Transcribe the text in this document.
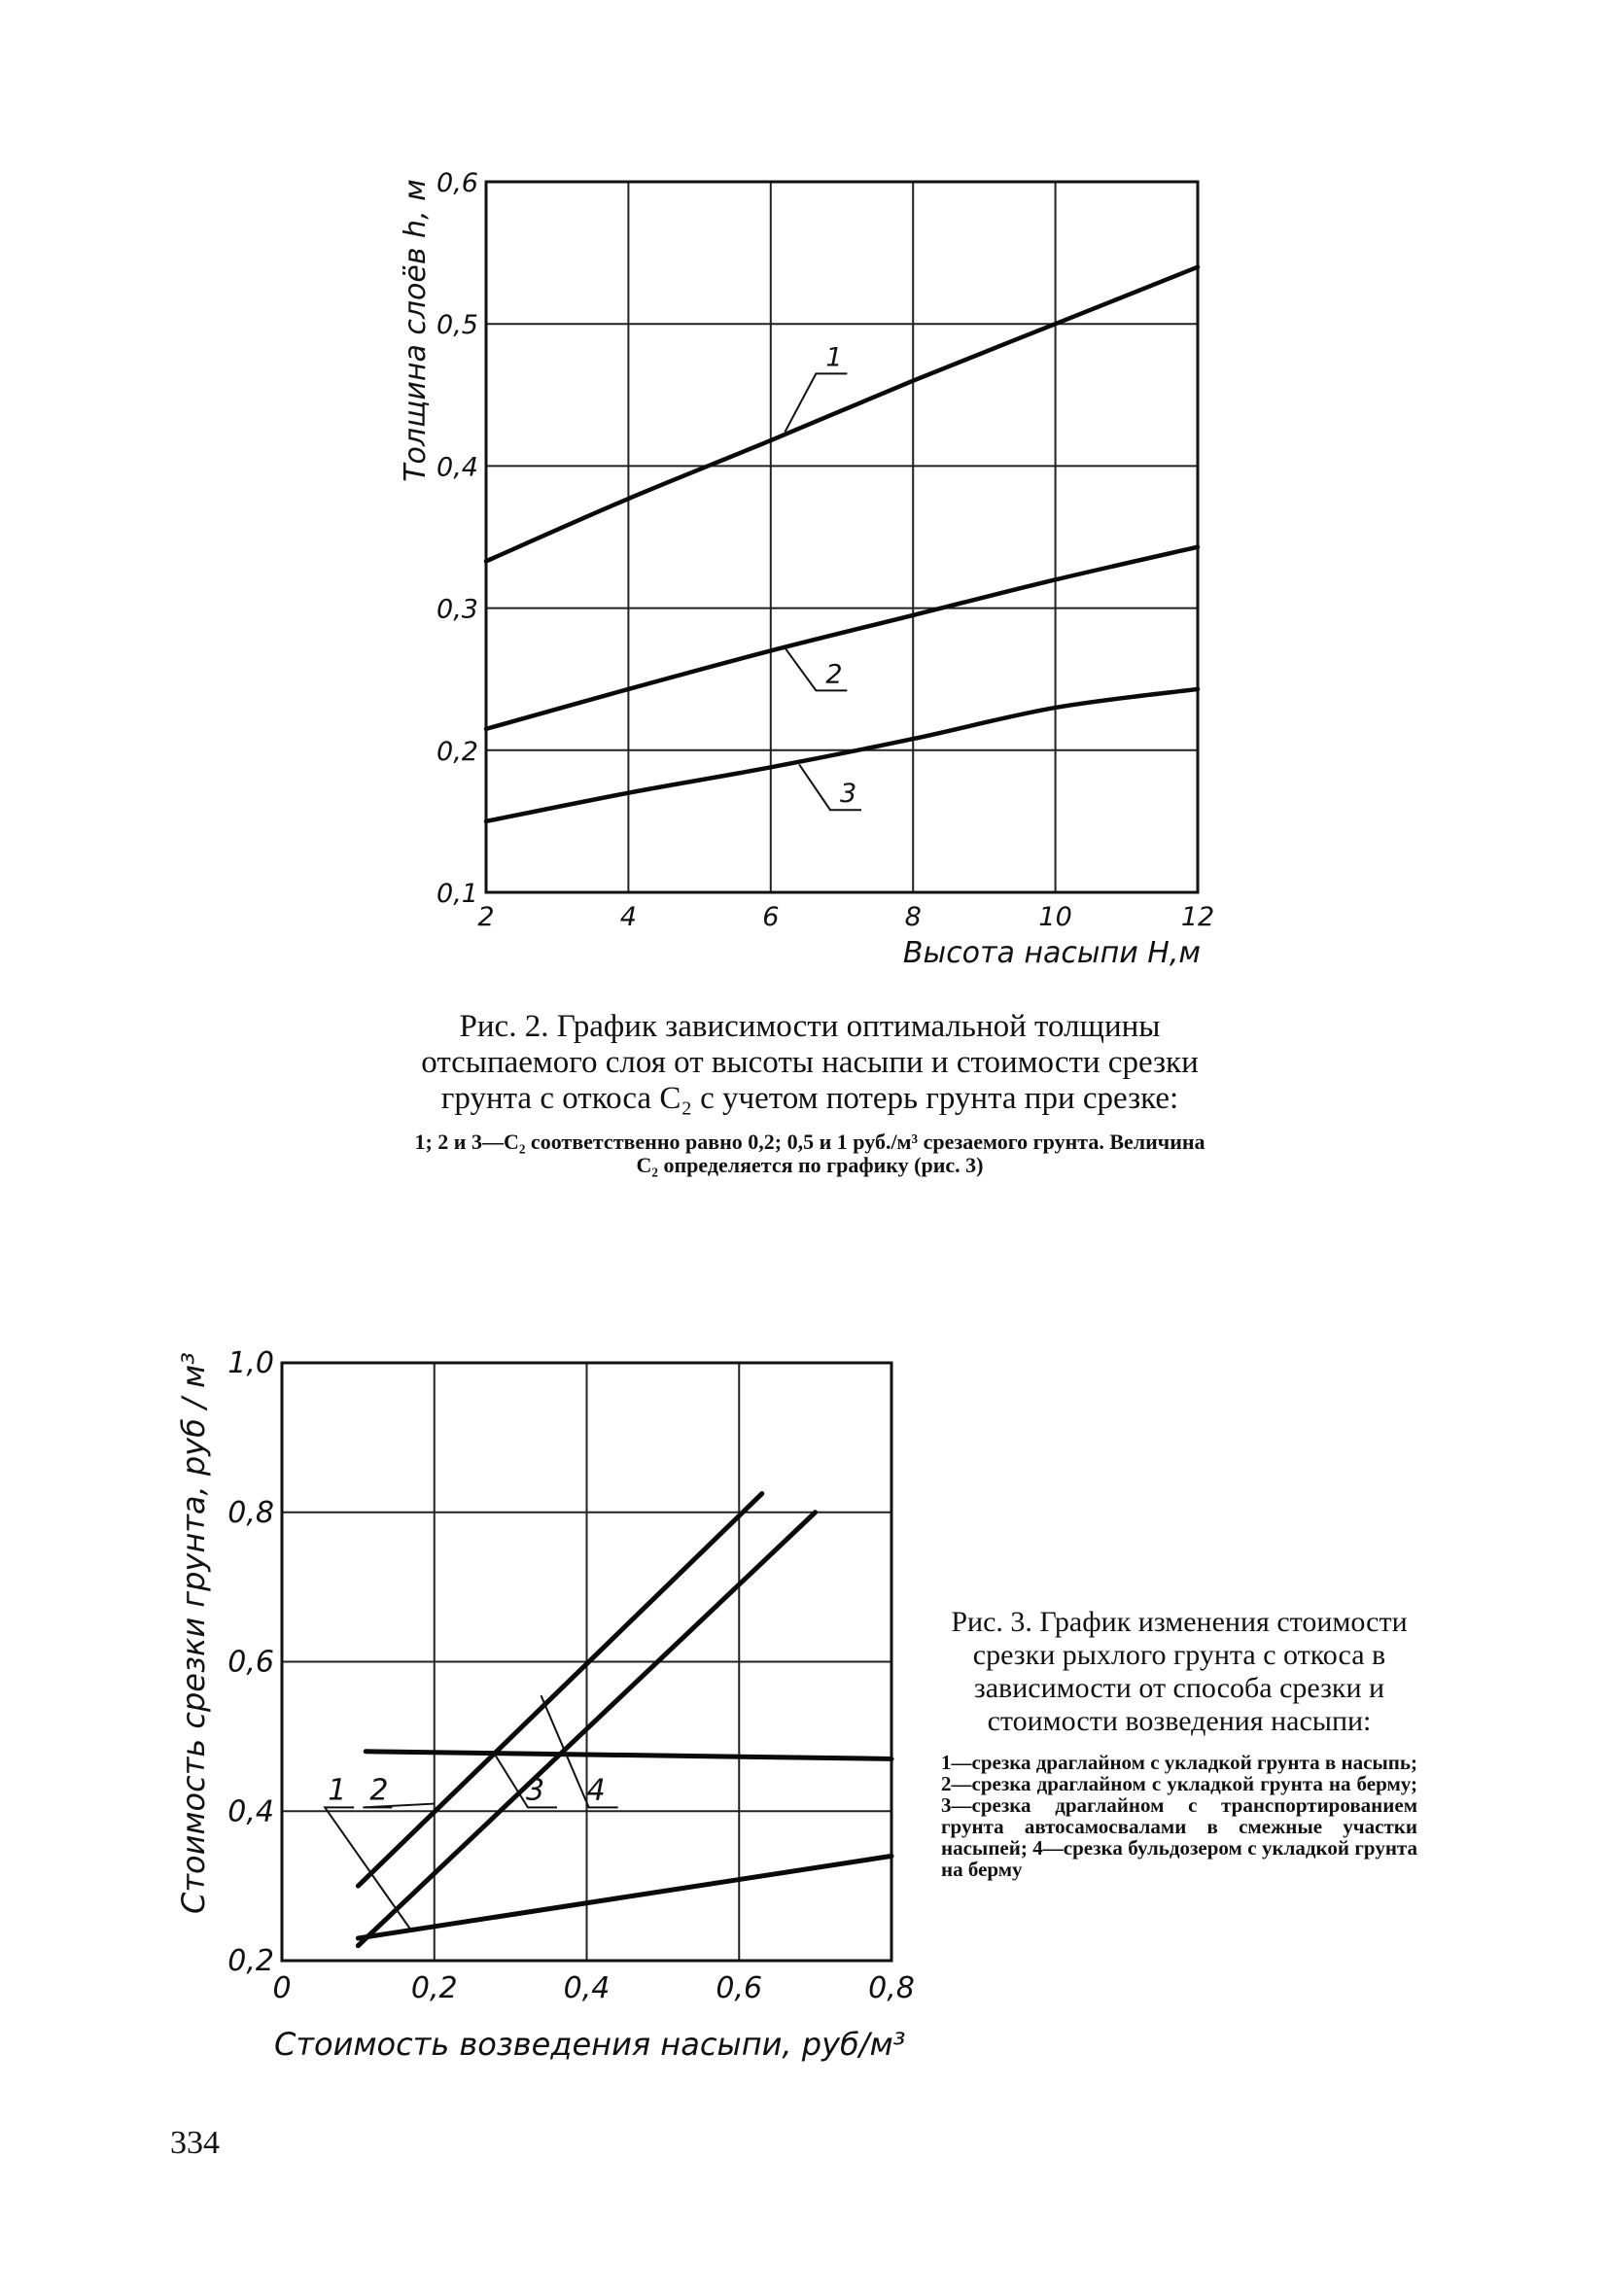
2	4	6	8	10	12
0,1
0,2
0,3
0,4
0,5
0,6
1
2
3
Высота насыпи H,м
Толщина слоёв h, м
0	0,2	0,4	0,6	0,8
0,2
0,4
0,6
0,8
1,0
1 2	3 4
Стоимость возведения насыпи, руб/м³
Стоимость срезки грунта, руб / м³
Рис. 2. График зависимости оптимальной толщины отсыпаемого слоя от высоты насыпи и стоимости срезки грунта с откоса C₂ с учетом потерь грунта при срезке:
1; 2 и 3—C₂ соответственно равно 0,2; 0,5 и 1 руб./м³ срезаемого грунта. Величина C₂ определяется по графику (рис. 3)
Рис. 3. График изменения стоимости срезки рыхлого грунта с откоса в зависимости от способа срезки и стоимости возведения насыпи:
1—срезка драглайном с укладкой грунта в насыпь; 2—срезка драглайном с укладкой грунта на берму; 3—срезка драглайном с транспортированием грунта автосамосвалами в смежные участки насыпей; 4—срезка бульдозером с укладкой грунта на берму
334
